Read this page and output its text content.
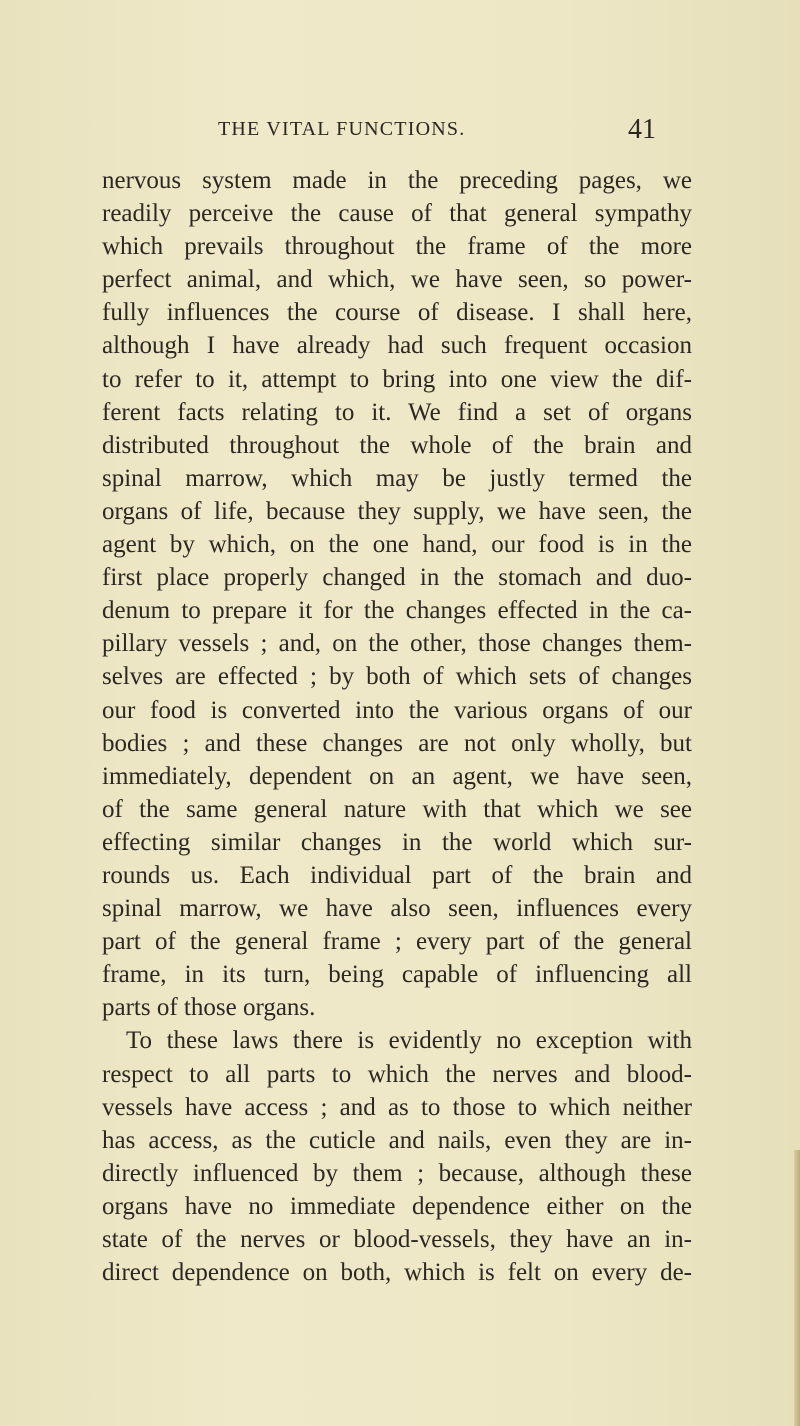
THE VITAL FUNCTIONS.	41
nervous system made in the preceding pages, we
readily perceive the cause of that general sympathy
which prevails throughout the frame of the more
perfect animal, and which, we have seen, so power-
fully influences the course of disease. I shall here,
although I have already had such frequent occasion
to refer to it, attempt to bring into one view the dif-
ferent facts relating to it. We find a set of organs
distributed throughout the whole of the brain and
spinal marrow, which may be justly termed the
organs of life, because they supply, we have seen, the
agent by which, on the one hand, our food is in the
first place properly changed in the stomach and duo-
denum to prepare it for the changes effected in the ca-
pillary vessels ; and, on the other, those changes them-
selves are effected ; by both of which sets of changes
our food is converted into the various organs of our
bodies ; and these changes are not only wholly, but
immediately, dependent on an agent, we have seen,
of the same general nature with that which we see
effecting similar changes in the world which sur-
rounds us. Each individual part of the brain and
spinal marrow, we have also seen, influences every
part of the general frame ; every part of the general
frame, in its turn, being capable of influencing all
parts of those organs.
To these laws there is evidently no exception with
respect to all parts to which the nerves and blood-
vessels have access ; and as to those to which neither
has access, as the cuticle and nails, even they are in-
directly influenced by them ; because, although these
organs have no immediate dependence either on the
state of the nerves or blood-vessels, they have an in-
direct dependence on both, which is felt on every de-
